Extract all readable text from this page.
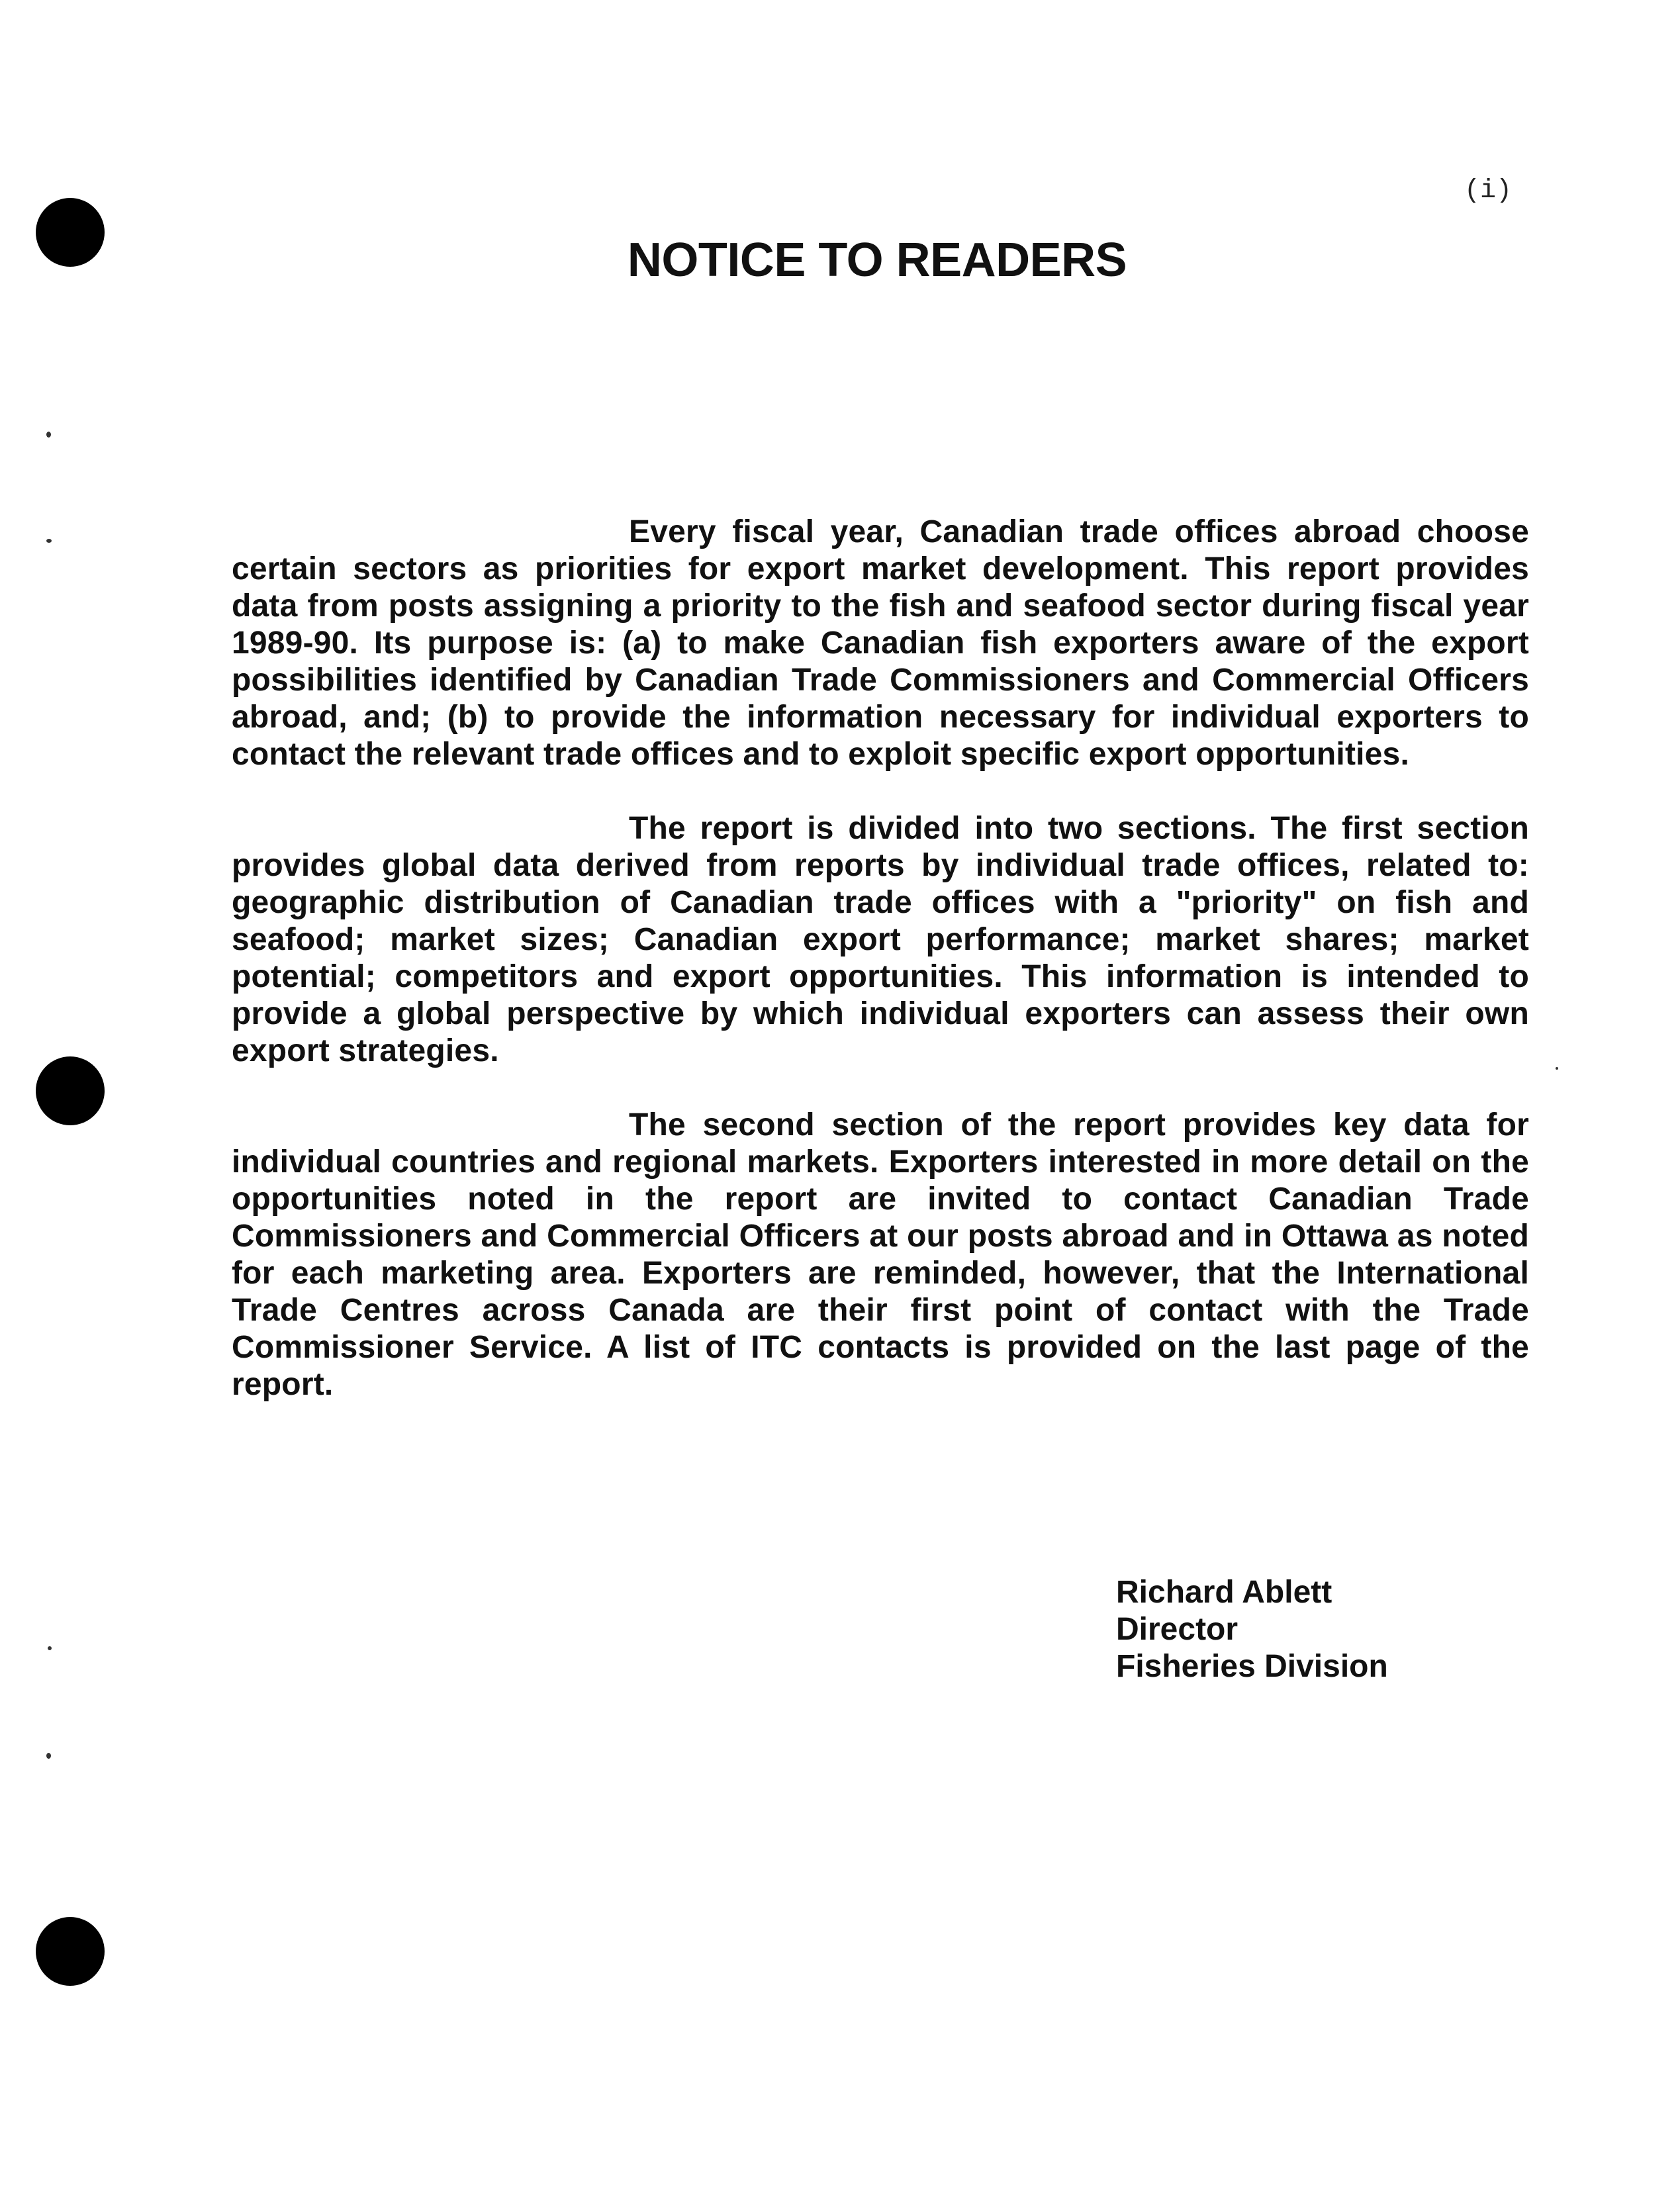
(i)
NOTICE TO READERS

Every fiscal year, Canadian trade offices abroad choose certain sectors as priorities for export market development. This report provides data from posts assigning a priority to the fish and seafood sector during fiscal year 1989-90. Its purpose is: (a) to make Canadian fish exporters aware of the export possibilities identified by Canadian Trade Commissioners and Commercial Officers abroad, and; (b) to provide the information necessary for individual exporters to contact the relevant trade offices and to exploit specific export opportunities.

The report is divided into two sections. The first section provides global data derived from reports by individual trade offices, related to: geographic distribution of Canadian trade offices with a "priority" on fish and seafood; market sizes; Canadian export performance; market shares; market potential; competitors and export opportunities. This information is intended to provide a global perspective by which individual exporters can assess their own export strategies.

The second section of the report provides key data for individual countries and regional markets. Exporters interested in more detail on the opportunities noted in the report are invited to contact Canadian Trade Commissioners and Commercial Officers at our posts abroad and in Ottawa as noted for each marketing area. Exporters are reminded, however, that the International Trade Centres across Canada are their first point of contact with the Trade Commissioner Service. A list of ITC contacts is provided on the last page of the report.

Richard Ablett
Director
Fisheries Division
